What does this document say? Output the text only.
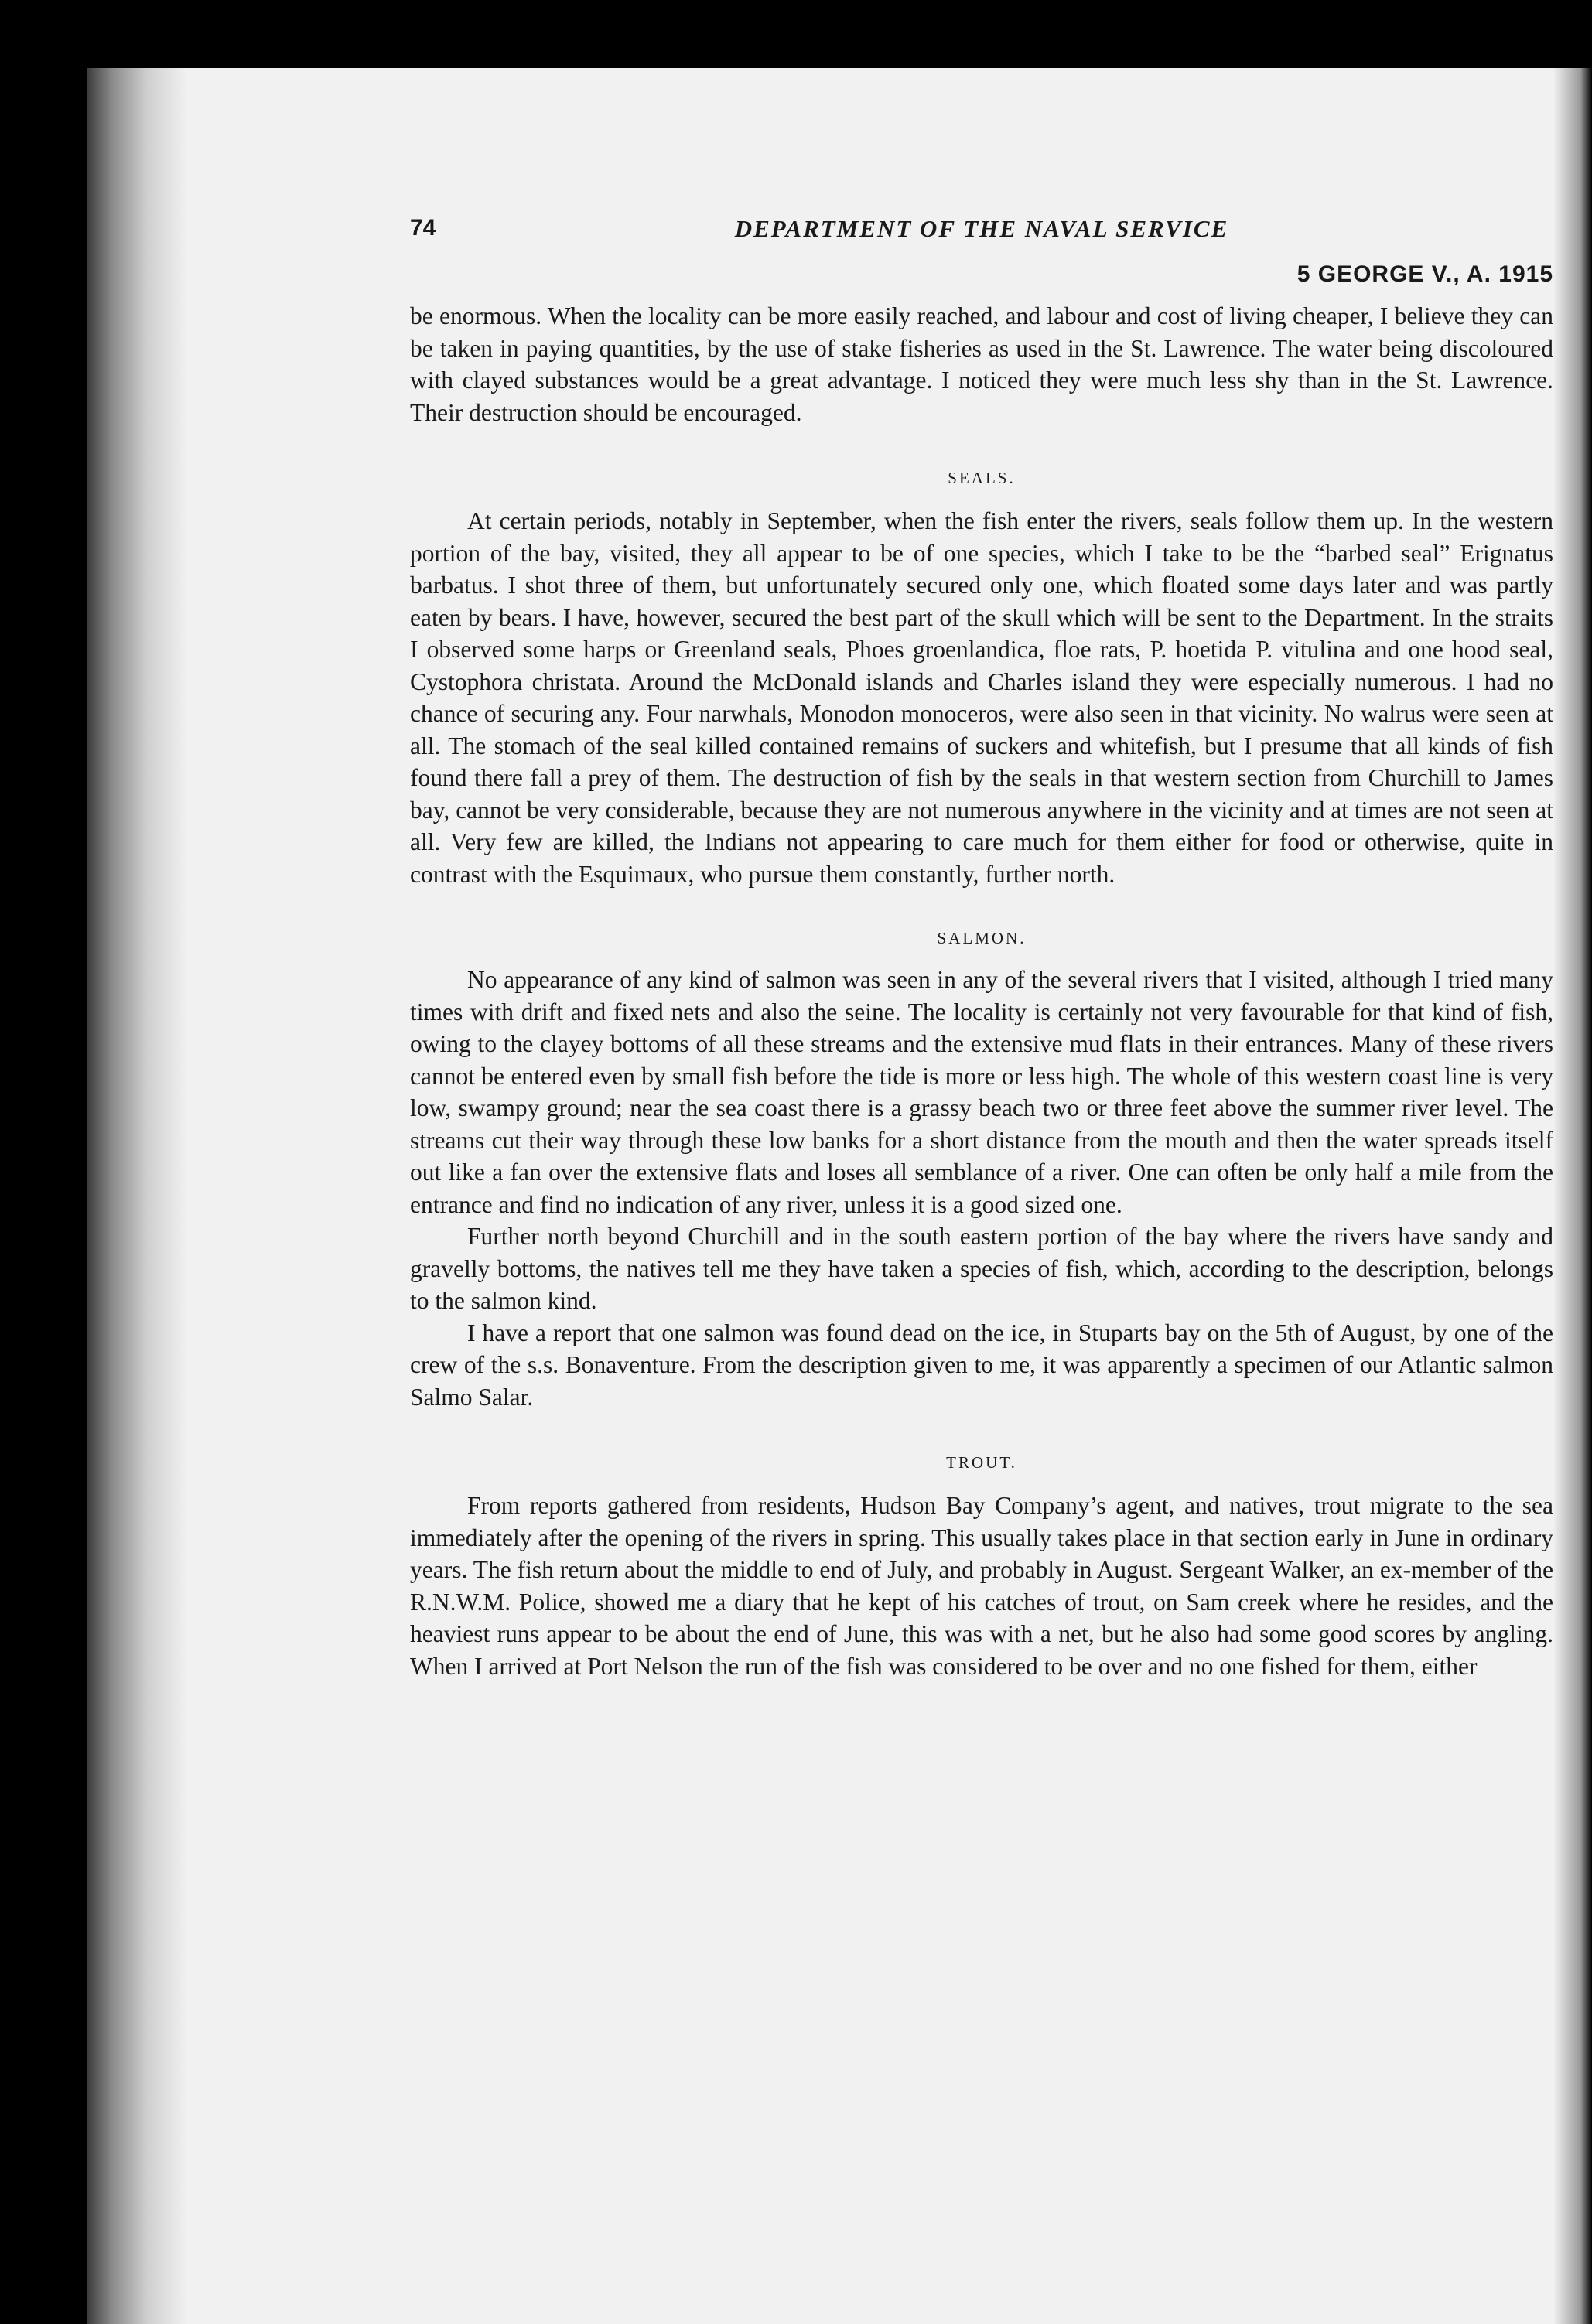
74	DEPARTMENT OF THE NAVAL SERVICE
5 GEORGE V., A. 1915

be enormous. When the locality can be more easily reached, and labour and cost of living cheaper, I believe they can be taken in paying quantities, by the use of stake fisheries as used in the St. Lawrence. The water being discoloured with clayed substances would be a great advantage. I noticed they were much less shy than in the St. Lawrence. Their destruction should be encouraged.

SEALS.

At certain periods, notably in September, when the fish enter the rivers, seals follow them up. In the western portion of the bay, visited, they all appear to be of one species, which I take to be the “barbed seal” Erignatus barbatus. I shot three of them, but unfortunately secured only one, which floated some days later and was partly eaten by bears. I have, however, secured the best part of the skull which will be sent to the Department. In the straits I observed some harps or Greenland seals, Phoes groenlandica, floe rats, P. hoetida P. vitulina and one hood seal, Cystophora christata. Around the McDonald islands and Charles island they were especially numerous. I had no chance of securing any. Four narwhals, Monodon monoceros, were also seen in that vicinity. No walrus were seen at all. The stomach of the seal killed contained remains of suckers and whitefish, but I presume that all kinds of fish found there fall a prey of them. The destruction of fish by the seals in that western section from Churchill to James bay, cannot be very considerable, because they are not numerous anywhere in the vicinity and at times are not seen at all. Very few are killed, the Indians not appearing to care much for them either for food or otherwise, quite in contrast with the Esquimaux, who pursue them constantly, further north.

SALMON.

No appearance of any kind of salmon was seen in any of the several rivers that I visited, although I tried many times with drift and fixed nets and also the seine. The locality is certainly not very favourable for that kind of fish, owing to the clayey bottoms of all these streams and the extensive mud flats in their entrances. Many of these rivers cannot be entered even by small fish before the tide is more or less high. The whole of this western coast line is very low, swampy ground; near the sea coast there is a grassy beach two or three feet above the summer river level. The streams cut their way through these low banks for a short distance from the mouth and then the water spreads itself out like a fan over the extensive flats and loses all semblance of a river. One can often be only half a mile from the entrance and find no indication of any river, unless it is a good sized one.

Further north beyond Churchill and in the south eastern portion of the bay where the rivers have sandy and gravelly bottoms, the natives tell me they have taken a species of fish, which, according to the description, belongs to the salmon kind.

I have a report that one salmon was found dead on the ice, in Stuparts bay on the 5th of August, by one of the crew of the s.s. Bonaventure. From the description given to me, it was apparently a specimen of our Atlantic salmon Salmo Salar.

TROUT.

From reports gathered from residents, Hudson Bay Company’s agent, and natives, trout migrate to the sea immediately after the opening of the rivers in spring. This usually takes place in that section early in June in ordinary years. The fish return about the middle to end of July, and probably in August. Sergeant Walker, an ex-member of the R.N.W.M. Police, showed me a diary that he kept of his catches of trout, on Sam creek where he resides, and the heaviest runs appear to be about the end of June, this was with a net, but he also had some good scores by angling. When I arrived at Port Nelson the run of the fish was considered to be over and no one fished for them, either
